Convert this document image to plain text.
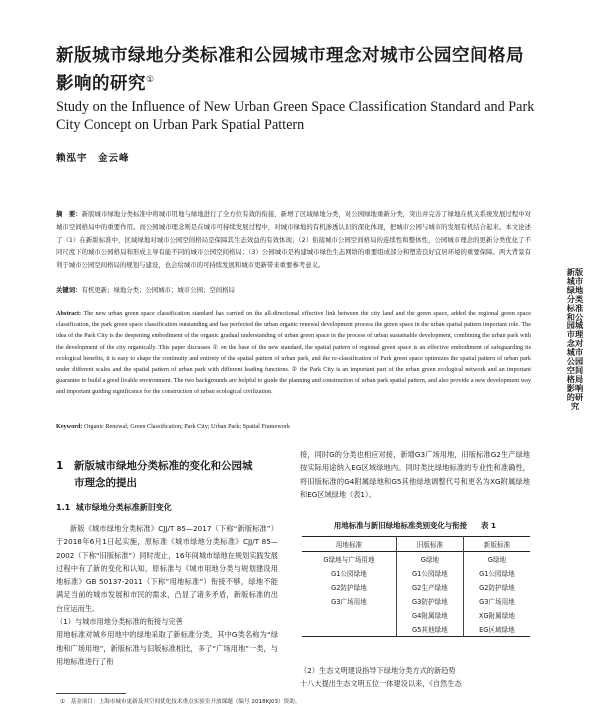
新版城市绿地分类标准和公园城市理念对城市公园空间格局影响的研究①
Study on the Influence of New Urban Green Space Classification Standard and Park City Concept on Urban Park Spatial Pattern
赖泓宇　金云峰
摘　要：新版城市绿地分类标准中将城市用地与绿地进行了全方位有效的衔接，新增了区域绿地分类，对公园绿地重新分类，突出并完善了绿地在机关系统发展过程中对城市空间格局中的重要作用。而公园城市理念则是在城市可持续发展过程中，对城市绿地的有机渗透认识的深化体现，把城市公园与城市的发展有机结合起来。本文论述了（1）在新版标准中，区域绿地对城市公园空间格局是保障其生态效益的有效体现；（2）衔接城市公园空间格局的连续性和整体性，公园城市理念的更新分类优化了不同尺度下的城市公园格局和形成主导有能不同的城市公园空间格局；（3）公园城市是构建城市绿色生态网络的重要组成部分和塑造良好宜居环境的重要保障。两大背景有利于城市公园空间格局的规划与建设，也会给城市的可持续发展和城市更新带来重要参考意义。
关键词：有机更新；绿地分类；公园城市；城市公园；空间格局
Abstract: The new urban green space classification standard has carried on the all-directional effective link between the city land and the green space, added the regional green space classification, the park green space classification outstanding and has perfected the urban organic renewal development process the green space in the urban spatial pattern important role. The idea of the Park City is the deepening embodiment of the organic gradual understanding of urban green space in the process of urban sustainable development, combining the urban park with the development of the city organically. This paper discusses ① on the base of the new standard, the spatial pattern of regional green space is an effective embodiment of safeguarding its ecological benefits, it is easy to shape the continuity and entirety of the spatial pattern of urban park, and the re-classification of Park green space optimizes the spatial pattern of urban park under different scales and the spatial pattern of urban park with different leading functions. ② the Park City is an important part of the urban green ecological network and an important guarantee to build a good livable environment. The two backgrounds are helpful to guide the planning and construction of urban park spatial pattern, and also provide a new development way and important guiding significance for the construction of urban ecological civilization.
Keyword: Organic Renewal; Green Classification; Park City; Urban Park; Spatial Framework
1 新版城市绿地分类标准的变化和公园城
市理念的提出
1.1 城市绿地分类标准新旧变化
新版《城市绿地分类标准》CJJ/T 85—2017（下称“新版标准”）于2018年6月1日起实施，原标准《城市绿地分类标准》CJJ/T 85—2002（下称“旧版标准”）同时废止，16年间城市绿地在规划实践发展过程中有了新的变化和认知，原标准与《城市用地分类与规划建设用地标准》GB 50137-2011（下称“用地标准”）衔接不够，绿地不能满足当前的城市发展和市民的需求，凸显了诸多矛盾，新版标准的出台应运而生。
（1）与城市用地分类标准的衔接与完善
用地标准对城乡用地中的绿地采取了新标准分类，其中G类名称为“绿地和广场用地”，新版标准与旧版标准相比，多了“广场用地”一类，与用地标准进行了衔
接，同时G的分类也相应对接，新增G3广场用地，旧版标准G2生产绿地按实际用途纳入EG区域绿地内。同时类比绿地标准的专业性和准确性，将旧版标准的G4附属绿地和G5其他绿地调整代号和更名为XG附属绿地和EG区域绿地（表1）。
用地标准与新旧绿地标准类别变化与衔接 表 1
用地标准	旧版标准	新版标准
G绿地与广场用地	G绿地	G绿地
G1公园绿地	G1公园绿地	G1公园绿地
G2防护绿地	G2生产绿地	G2防护绿地
G3广场用地	G3防护绿地	G3广场用地
	G4附属绿地	XG附属绿地
	G5其他绿地	EG区域绿地
（2）生态文明建设指导下绿地分类方式的新趋势
十八大提出生态文明五位一体建设以来，《自然生态
①　基金项目：上海市城市更新及其空间优化技术重点实验室开放课题（编号 2018KJ03）资助。
新版城市绿地分类标准和公园城市理念对城市公园空间格局影响的研究
